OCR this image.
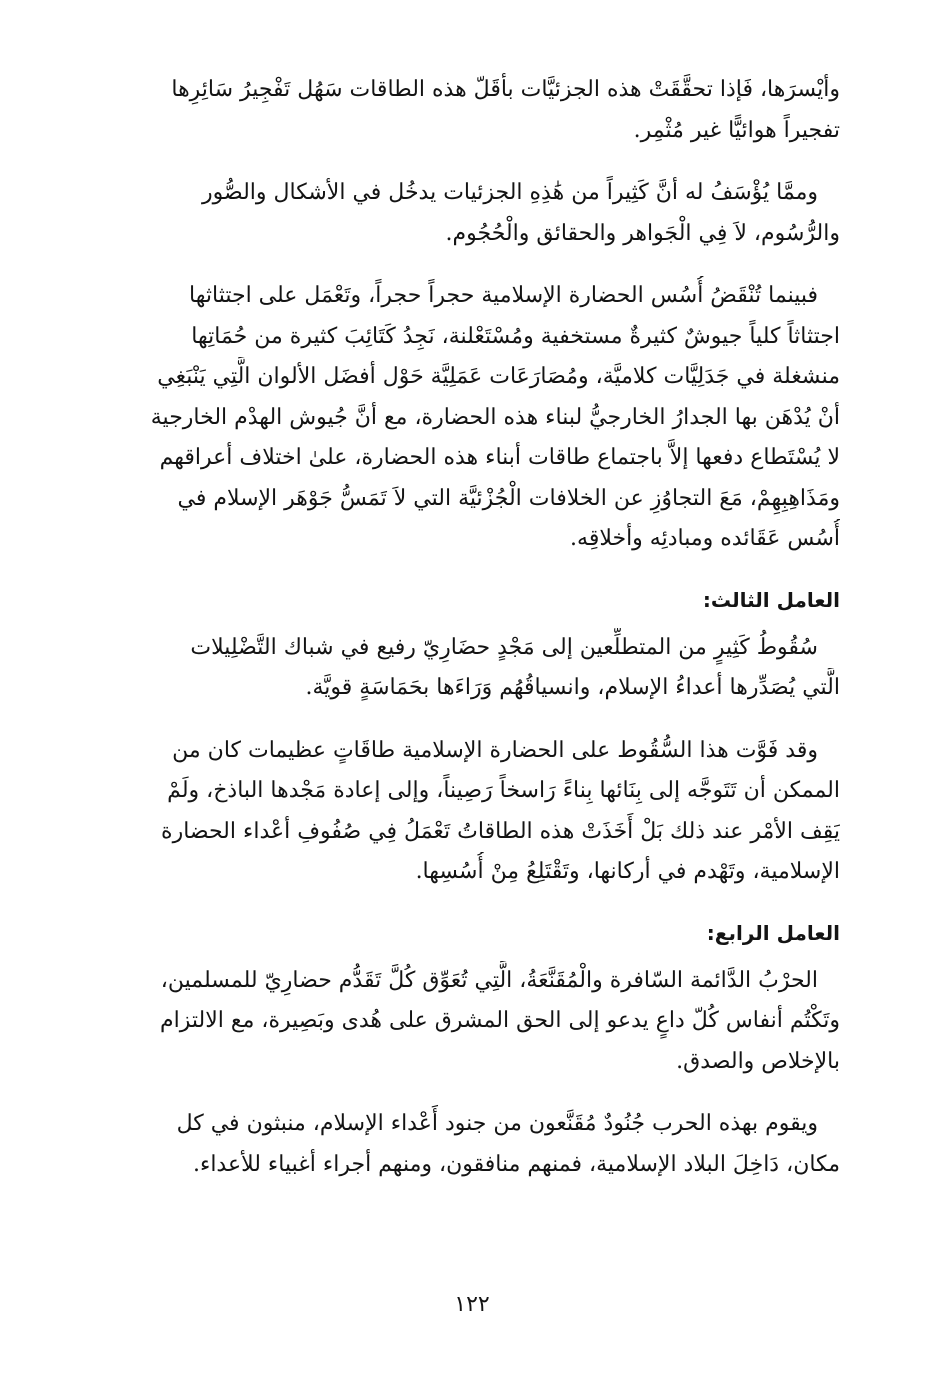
وأيْسرَها، فَإذا تحقَّقَتْ هذه الجزئيَّات بأقَلّ هذه الطاقات سَهُل تَفْجِيرُ سَائِرِها
تفجيراً هوائيًّا غير مُثْمِر.

وممَّا يُؤْسَفُ له أنَّ كَثِيراً من هَٰذِهِ الجزئيات يدخُل في الأشكال والصُّور
والرُّسُوم، لاَ فِي الْجَواهر والحقائق والْحُجُوم.

فبينما تُنْقَضُ أُسُس الحضارة الإسلامية حجراً حجراً، وتَعْمَل على اجتثاثها
اجتثاثاً كلياً جيوشٌ كثيرةٌ مستخفية ومُسْتَعْلنة، نَجِدُ كَتَائِبَ كثيرة من حُمَاتِها
منشغلة في جَدَلِيَّات كلاميَّة، ومُصَارَعَات عَمَلِيَّة حَوْل أفضَل الألوان الَّتِي يَنْبَغِي
أنْ يُدْهَن بها الجدارُ الخارجيُّ لبناء هذه الحضارة، مع أنَّ جُيوش الهدْم الخارجية
لا يُسْتَطاع دفعها إلاَّ باجتماع طاقات أبناء هذه الحضارة، علىٰ اختلاف أعراقهم
ومَذَاهِبِهِمْ، مَعَ التجاوُزِ عن الخلافات الْجُزْئيَّة التي لاَ تَمَسُّ جَوْهَر الإسلام في
أُسُس عَقَائده ومبادئِه وأخلاقِه.

العامل الثالث:

سُقُوطُ كَثِيرٍ من المتطلِّعين إلى مَجْدٍ حضَارِيّ رفيع في شباك التَّضْلِيلات
الَّتي يُصَدِّرها أعداءُ الإسلام، وانسياقُهُم وَرَاءَها بحَمَاسَةٍ قويَّة.

وقد فَوَّت هذا السُّقُوط على الحضارة الإسلامية طاقَاتٍ عظيمات كان من
الممكن أن تَتَوجَّه إلى بِنَائها بِناءً رَاسخاً رَصِيناً، وإلى إعادة مَجْدها الباذخ، ولَمْ
يَقِف الأمْر عند ذلك بَلْ أَخَذَتْ هذه الطاقاتُ تَعْمَلُ فِي صُفُوفِ أعْداء الحضارة
الإسلامية، وتَهْدم في أركانها، وتَقْتَلِعُ مِنْ أُسُسِها.

العامل الرابع:

الحرْبُ الدَّائمة السّافرة والْمُقَنَّعَةُ، الَّتِي تُعَوِّق كُلَّ تَقَدُّم حضارِيّ للمسلمين،
وتَكْتُم أنفاس كُلّ داعٍ يدعو إلى الحق المشرق على هُدى وبَصِيرة، مع الالتزام
بالإخلاص والصدق.

ويقوم بهذه الحرب جُنُودٌ مُقَنَّعون من جنود أَعْداء الإسلام، منبثون في كل
مكان، دَاخِلَ البلاد الإسلامية، فمنهم منافقون، ومنهم أجراء أغبياء للأعداء.

١٢٢
